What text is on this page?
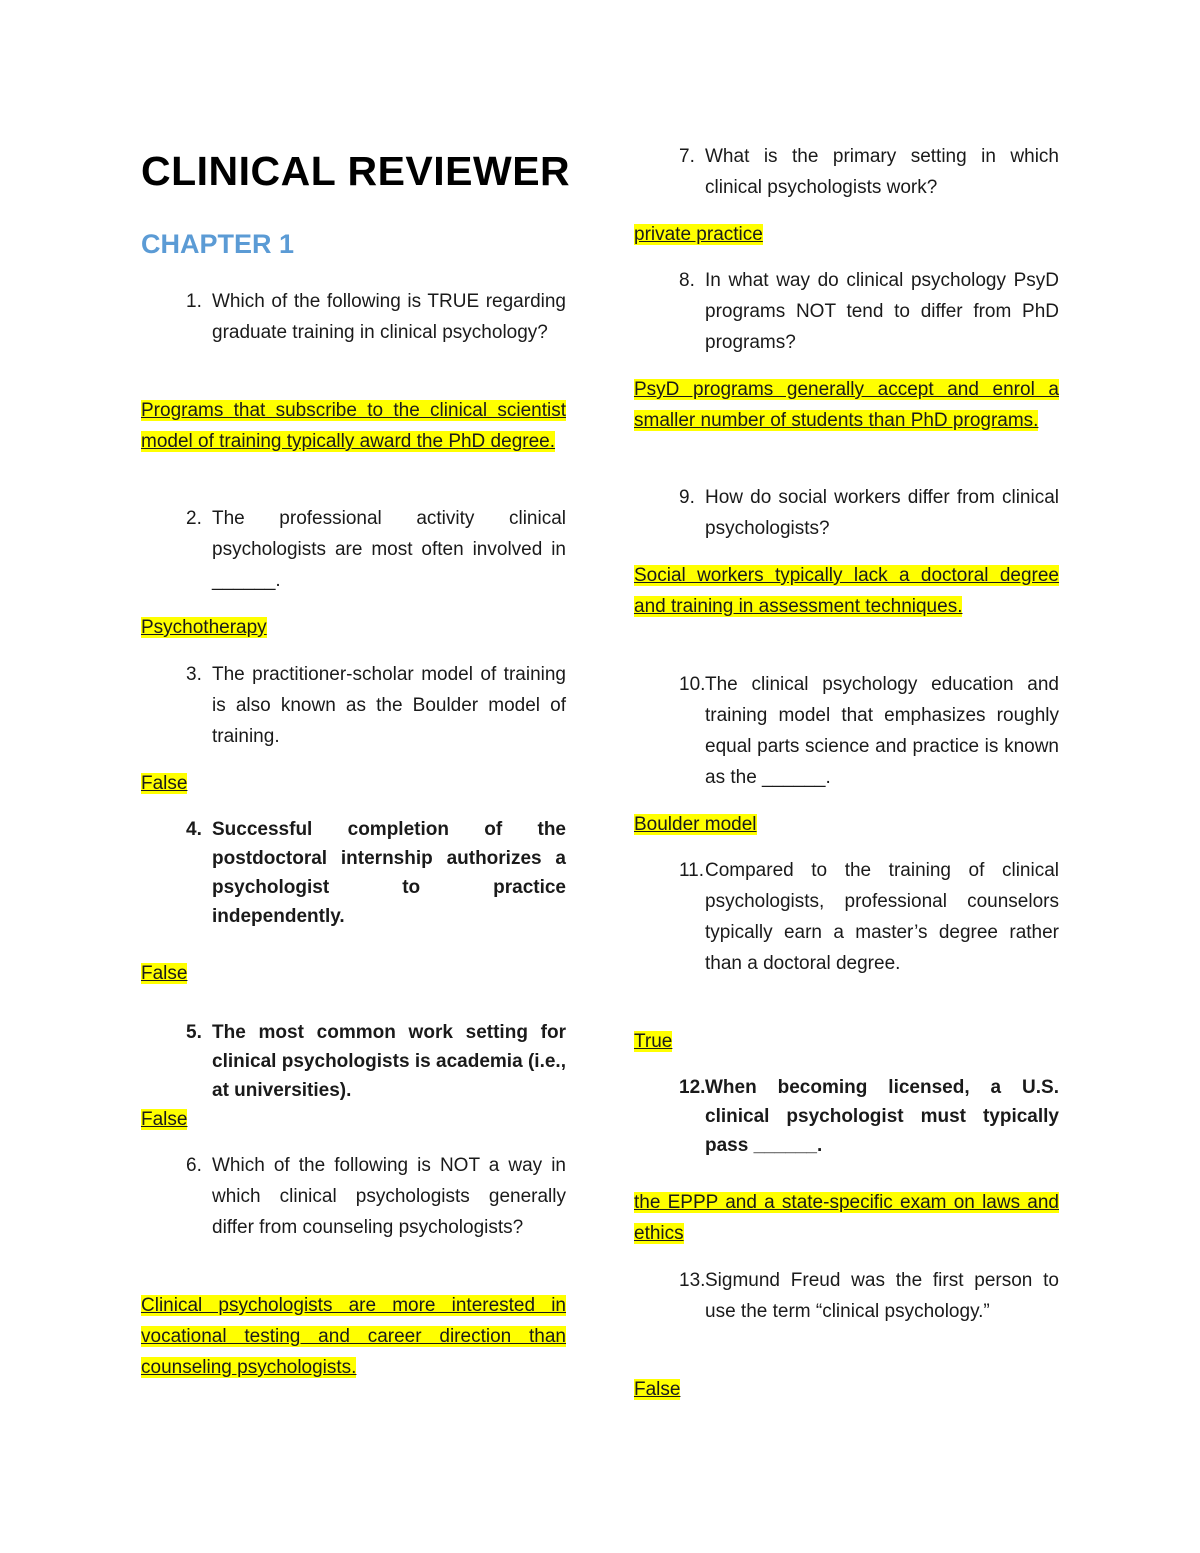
CLINICAL REVIEWER
CHAPTER 1
1. Which of the following is TRUE regarding graduate training in clinical psychology?
Programs that subscribe to the clinical scientist model of training typically award the PhD degree.
2. The professional activity clinical psychologists are most often involved in ______.
Psychotherapy
3. The practitioner-scholar model of training is also known as the Boulder model of training.
False
4. Successful completion of the postdoctoral internship authorizes a psychologist to practice independently.
False
5. The most common work setting for clinical psychologists is academia (i.e., at universities).
False
6. Which of the following is NOT a way in which clinical psychologists generally differ from counseling psychologists?
Clinical psychologists are more interested in vocational testing and career direction than counseling psychologists.
7. What is the primary setting in which clinical psychologists work?
private practice
8. In what way do clinical psychology PsyD programs NOT tend to differ from PhD programs?
PsyD programs generally accept and enrol a smaller number of students than PhD programs.
9. How do social workers differ from clinical psychologists?
Social workers typically lack a doctoral degree and training in assessment techniques.
10. The clinical psychology education and training model that emphasizes roughly equal parts science and practice is known as the ______.
Boulder model
11. Compared to the training of clinical psychologists, professional counselors typically earn a master’s degree rather than a doctoral degree.
True
12. When becoming licensed, a U.S. clinical psychologist must typically pass ______.
the EPPP and a state-specific exam on laws and ethics
13. Sigmund Freud was the first person to use the term “clinical psychology.”
False
